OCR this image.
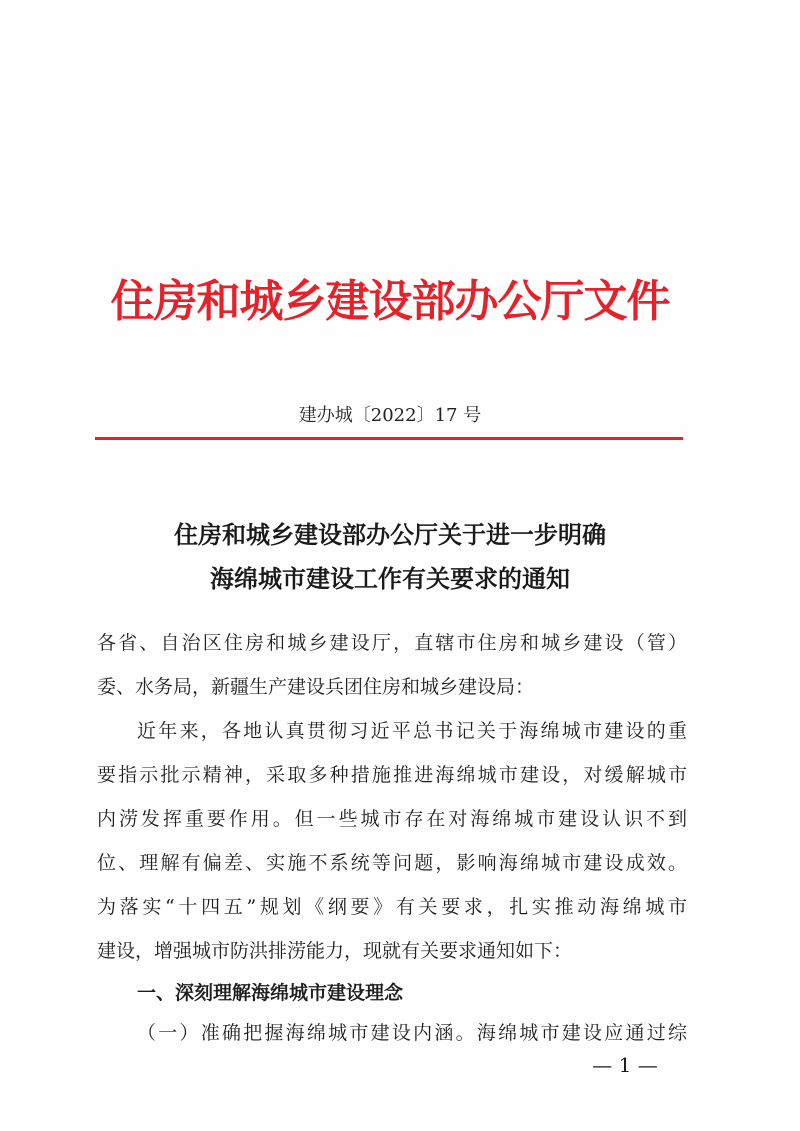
住房和城乡建设部办公厅文件
建办城〔2022〕17 号
住房和城乡建设部办公厅关于进一步明确
海绵城市建设工作有关要求的通知
各省、自治区住房和城乡建设厅，直辖市住房和城乡建设（管）
委、水务局，新疆生产建设兵团住房和城乡建设局：
近年来，各地认真贯彻习近平总书记关于海绵城市建设的重
要指示批示精神，采取多种措施推进海绵城市建设，对缓解城市
内涝发挥重要作用。但一些城市存在对海绵城市建设认识不到
位、理解有偏差、实施不系统等问题，影响海绵城市建设成效。
为落实“十四五”规划《纲要》有关要求，扎实推动海绵城市
建设，增强城市防洪排涝能力，现就有关要求通知如下：
一、深刻理解海绵城市建设理念
（一）准确把握海绵城市建设内涵。海绵城市建设应通过综
— 1 —
